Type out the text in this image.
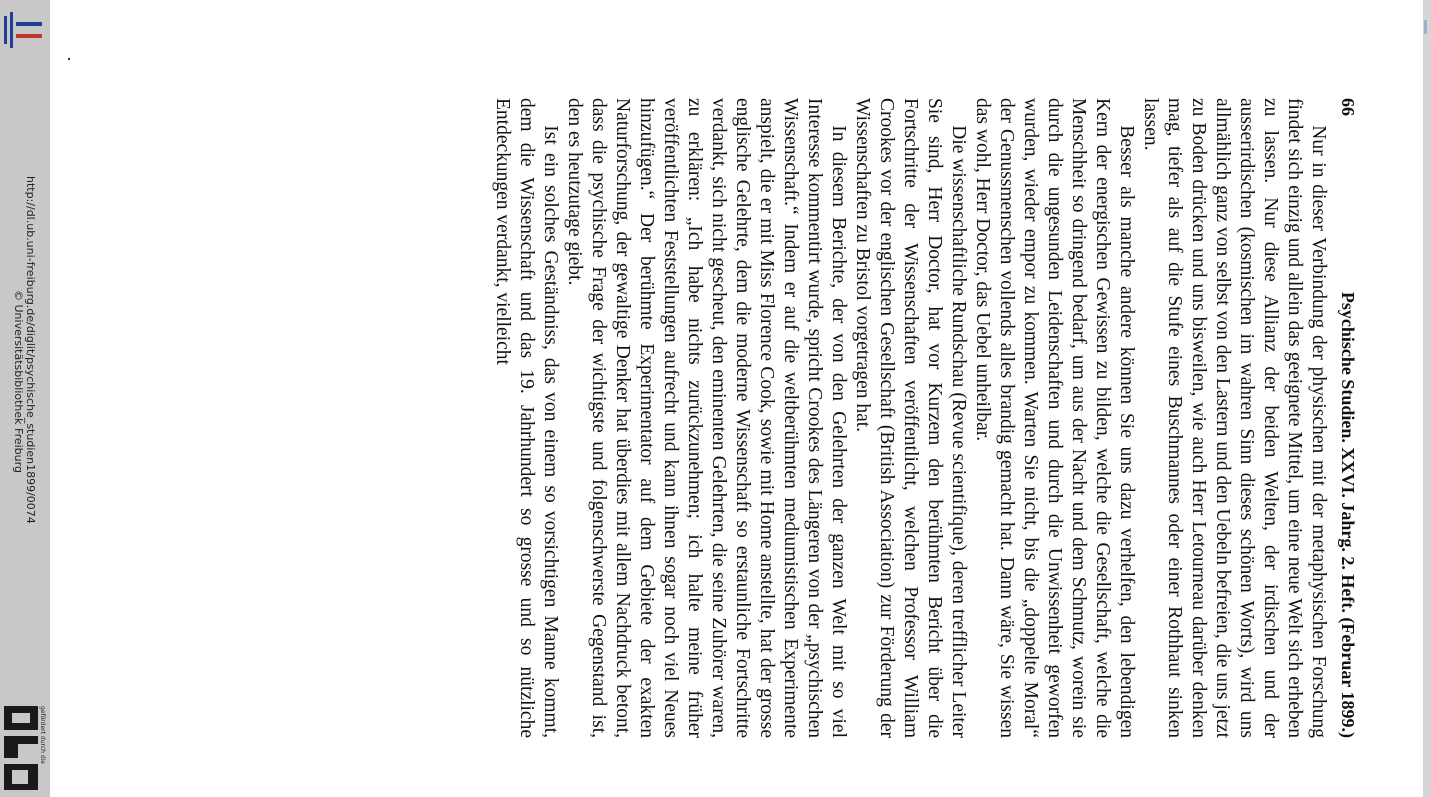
http://dl.ub.uni-freiburg.de/diglit/psychische_studien1899/0074
© Universitätsbibliothek Freiburg
gefördert durch die
66
Psychische Studien. XXVI. Jahrg. 2. Heft. (Februar 1899.)

Nur in dieser Verbindung der physischen mit der metaphysischen Forschung findet sich einzig und allein das geeignete Mittel, um eine neue Welt sich erheben zu lassen. Nur diese Allianz der beiden Welten, der irdischen und der ausserirdischen (kosmischen im wahren Sinn dieses schönen Worts), wird uns allmählich ganz von selbst von den Lastern und den Uebeln befreien, die uns jetzt zu Boden drücken und uns bisweilen, wie auch Herr Letourneau darüber denken mag, tiefer als auf die Stufe eines Buschmannes oder einer Rothhaut sinken lassen.

Besser als manche andere können Sie uns dazu verhelfen, den lebendigen Kern der energischen Gewissen zu bilden, welche die Gesellschaft, welche die Menschheit so dringend bedarf, um aus der Nacht und dem Schmutz, worein sie durch die ungesunden Leidenschaften und durch die Unwissenheit geworfen wurden, wieder empor zu kommen. Warten Sie nicht, bis die „doppelte Moral“ der Genussmenschen vollends alles brandig gemacht hat. Dann wäre, Sie wissen das wohl, Herr Doctor, das Uebel unheilbar.

Die wissenschaftliche Rundschau (Revue scientifique), deren trefflicher Leiter Sie sind, Herr Doctor, hat vor Kurzem den berühmten Bericht über die Fortschritte der Wissenschaften veröffentlicht, welchen Professor William Crookes vor der englischen Gesellschaft (British Association) zur Förderung der Wissenschaften zu Bristol vorgetragen hat.

In diesem Berichte, der von den Gelehrten der ganzen Welt mit so viel Interesse kommentirt wurde, spricht Crookes des Längeren von der „psychischen Wissenschaft.“ Indem er auf die weltberühmten mediumistischen Experimente anspielt, die er mit Miss Florence Cook, sowie mit Home anstellte, hat der grosse englische Gelehrte, dem die moderne Wissenschaft so erstaunliche Fortschritte verdankt, sich nicht gescheut, den eminenten Gelehrten, die seine Zuhörer waren, zu erklären: „Ich habe nichts zurückzunehmen; ich halte meine früher veröffentlichten Feststellungen aufrecht und kann ihnen sogar noch viel Neues hinzufügen.“ Der berühmte Experimentator auf dem Gebiete der exakten Naturforschung, der gewaltige Denker hat überdies mit allem Nachdruck betont, dass die psychische Frage der wichtigste und folgenschwerste Gegenstand ist, den es heutzutage giebt.

Ist ein solches Geständniss, das von einem so vorsichtigen Manne kommt, dem die Wissenschaft und das 19. Jahrhundert so grosse und so nützliche Entdeckungen verdankt, vielleicht
